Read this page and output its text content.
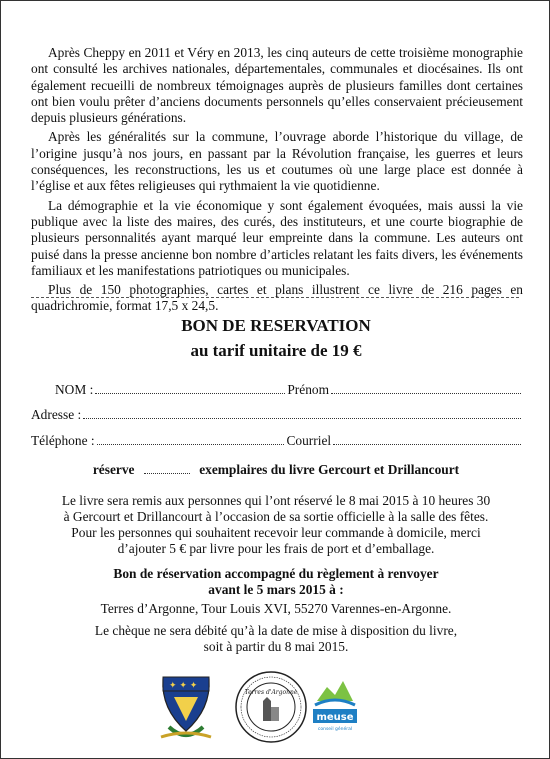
Après Cheppy en 2011 et Véry en 2013, les cinq auteurs de cette troisième monographie ont consulté les archives nationales, départementales, communales et diocésaines. Ils ont également recueilli de nombreux témoignages auprès de plusieurs familles dont certaines ont bien voulu prêter d’anciens documents personnels qu’elles conservaient précieusement depuis plusieurs générations.

Après les généralités sur la commune, l’ouvrage aborde l’historique du village, de l’origine jusqu’à nos jours, en passant par la Révolution française, les guerres et leurs conséquences, les reconstructions, les us et coutumes où une large place est donnée à l’église et aux fêtes religieuses qui rythmaient la vie quotidienne.

La démographie et la vie économique y sont également évoquées, mais aussi la vie publique avec la liste des maires, des curés, des instituteurs, et une courte biographie de plusieurs personnalités ayant marqué leur empreinte dans la commune. Les auteurs ont puisé dans la presse ancienne bon nombre d’articles relatant les faits divers, les événements familiaux et les manifestations patriotiques ou municipales.

Plus de 150 photographies, cartes et plans illustrent ce livre de 216 pages en quadrichromie, format 17,5 x 24,5.

BON DE RESERVATION
au tarif unitaire de 19 €
NOM :	Prénom
Adresse :
Téléphone :	Courriel
réserve	exemplaires du livre Gercourt et Drillancourt
Le livre sera remis aux personnes qui l’ont réservé le 8 mai 2015 à 10 heures 30
à Gercourt et Drillancourt à l’occasion de sa sortie officielle à la salle des fêtes.
Pour les personnes qui souhaitent recevoir leur commande à domicile, merci
d’ajouter 5 € par livre pour les frais de port et d’emballage.
Bon de réservation accompagné du règlement à renvoyer
avant le 5 mars 2015 à :
Terres d’Argonne, Tour Louis XVI, 55270 Varennes-en-Argonne.
Le chèque ne sera débité qu’à la date de mise à disposition du livre,
soit à partir du 8 mai 2015.
✦ ✦ ✦
Terres d'Argonne
meuse
conseil général
